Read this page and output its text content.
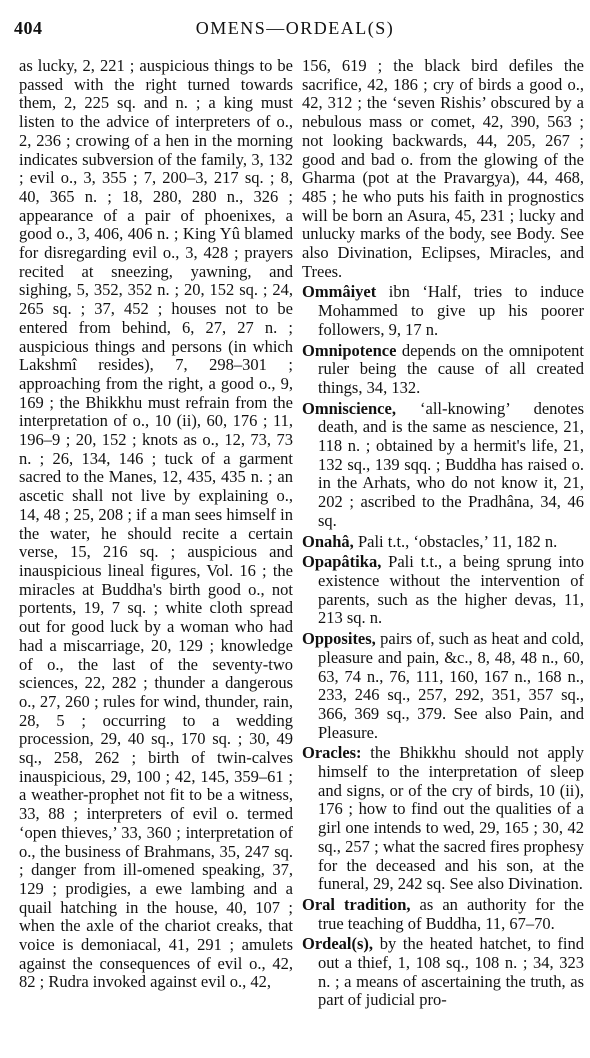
404	OMENS—ORDEAL(S)

as lucky, 2, 221 ; auspicious things to be passed with the right turned towards them, 2, 225 sq. and n. ; a king must listen to the advice of interpreters of o., 2, 236 ; crowing of a hen in the morning indicates subversion of the family, 3, 132 ; evil o., 3, 355 ; 7, 200–3, 217 sq. ; 8, 40, 365 n. ; 18, 280, 280 n., 326 ; appearance of a pair of phoenixes, a good o., 3, 406, 406 n. ; King Yû blamed for disregarding evil o., 3, 428 ; prayers recited at sneezing, yawning, and sighing, 5, 352, 352 n. ; 20, 152 sq. ; 24, 265 sq. ; 37, 452 ; houses not to be entered from behind, 6, 27, 27 n. ; auspicious things and persons (in which Lakshmî resides), 7, 298–301 ; approaching from the right, a good o., 9, 169 ; the Bhikkhu must refrain from the interpretation of o., 10 (ii), 60, 176 ; 11, 196–9 ; 20, 152 ; knots as o., 12, 73, 73 n. ; 26, 134, 146 ; tuck of a garment sacred to the Manes, 12, 435, 435 n. ; an ascetic shall not live by explaining o., 14, 48 ; 25, 208 ; if a man sees himself in the water, he should recite a certain verse, 15, 216 sq. ; auspicious and inauspicious lineal figures, Vol. 16 ; the miracles at Buddha's birth good o., not portents, 19, 7 sq. ; white cloth spread out for good luck by a woman who had had a miscarriage, 20, 129 ; knowledge of o., the last of the seventy-two sciences, 22, 282 ; thunder a dangerous o., 27, 260 ; rules for wind, thunder, rain, 28, 5 ; occurring to a wedding procession, 29, 40 sq., 170 sq. ; 30, 49 sq., 258, 262 ; birth of twin-calves inauspicious, 29, 100 ; 42, 145, 359–61 ; a weather-prophet not fit to be a witness, 33, 88 ; interpreters of evil o. termed ‘open thieves,’ 33, 360 ; interpretation of o., the business of Brahmans, 35, 247 sq. ; danger from ill-omened speaking, 37, 129 ; prodigies, a ewe lambing and a quail hatching in the house, 40, 107 ; when the axle of the chariot creaks, that voice is demoniacal, 41, 291 ; amulets against the consequences of evil o., 42, 82 ; Rudra invoked against evil o., 42,

156, 619 ; the black bird defiles the sacrifice, 42, 186 ; cry of birds a good o., 42, 312 ; the ‘seven Rishis’ obscured by a nebulous mass or comet, 42, 390, 563 ; not looking backwards, 44, 205, 267 ; good and bad o. from the glowing of the Gharma (pot at the Pravargya), 44, 468, 485 ; he who puts his faith in prognostics will be born an Asura, 45, 231 ; lucky and unlucky marks of the body, see Body. See also Divination, Eclipses, Miracles, and Trees.

Ommâiyet ibn ‘Half, tries to induce Mohammed to give up his poorer followers, 9, 17 n.

Omnipotence depends on the omnipotent ruler being the cause of all created things, 34, 132.

Omniscience, ‘all-knowing’ denotes death, and is the same as nescience, 21, 118 n. ; obtained by a hermit's life, 21, 132 sq., 139 sqq. ; Buddha has raised o. in the Arhats, who do not know it, 21, 202 ; ascribed to the Pradhâna, 34, 46 sq.

Onahâ, Pali t.t., ‘obstacles,’ 11, 182 n.

Opapâtika, Pali t.t., a being sprung into existence without the intervention of parents, such as the higher devas, 11, 213 sq. n.

Opposites, pairs of, such as heat and cold, pleasure and pain, &c., 8, 48, 48 n., 60, 63, 74 n., 76, 111, 160, 167 n., 168 n., 233, 246 sq., 257, 292, 351, 357 sq., 366, 369 sq., 379. See also Pain, and Pleasure.

Oracles: the Bhikkhu should not apply himself to the interpretation of sleep and signs, or of the cry of birds, 10 (ii), 176 ; how to find out the qualities of a girl one intends to wed, 29, 165 ; 30, 42 sq., 257 ; what the sacred fires prophesy for the deceased and his son, at the funeral, 29, 242 sq. See also Divination.

Oral tradition, as an authority for the true teaching of Buddha, 11, 67–70.

Ordeal(s), by the heated hatchet, to find out a thief, 1, 108 sq., 108 n. ; 34, 323 n. ; a means of ascertaining the truth, as part of judicial pro-
